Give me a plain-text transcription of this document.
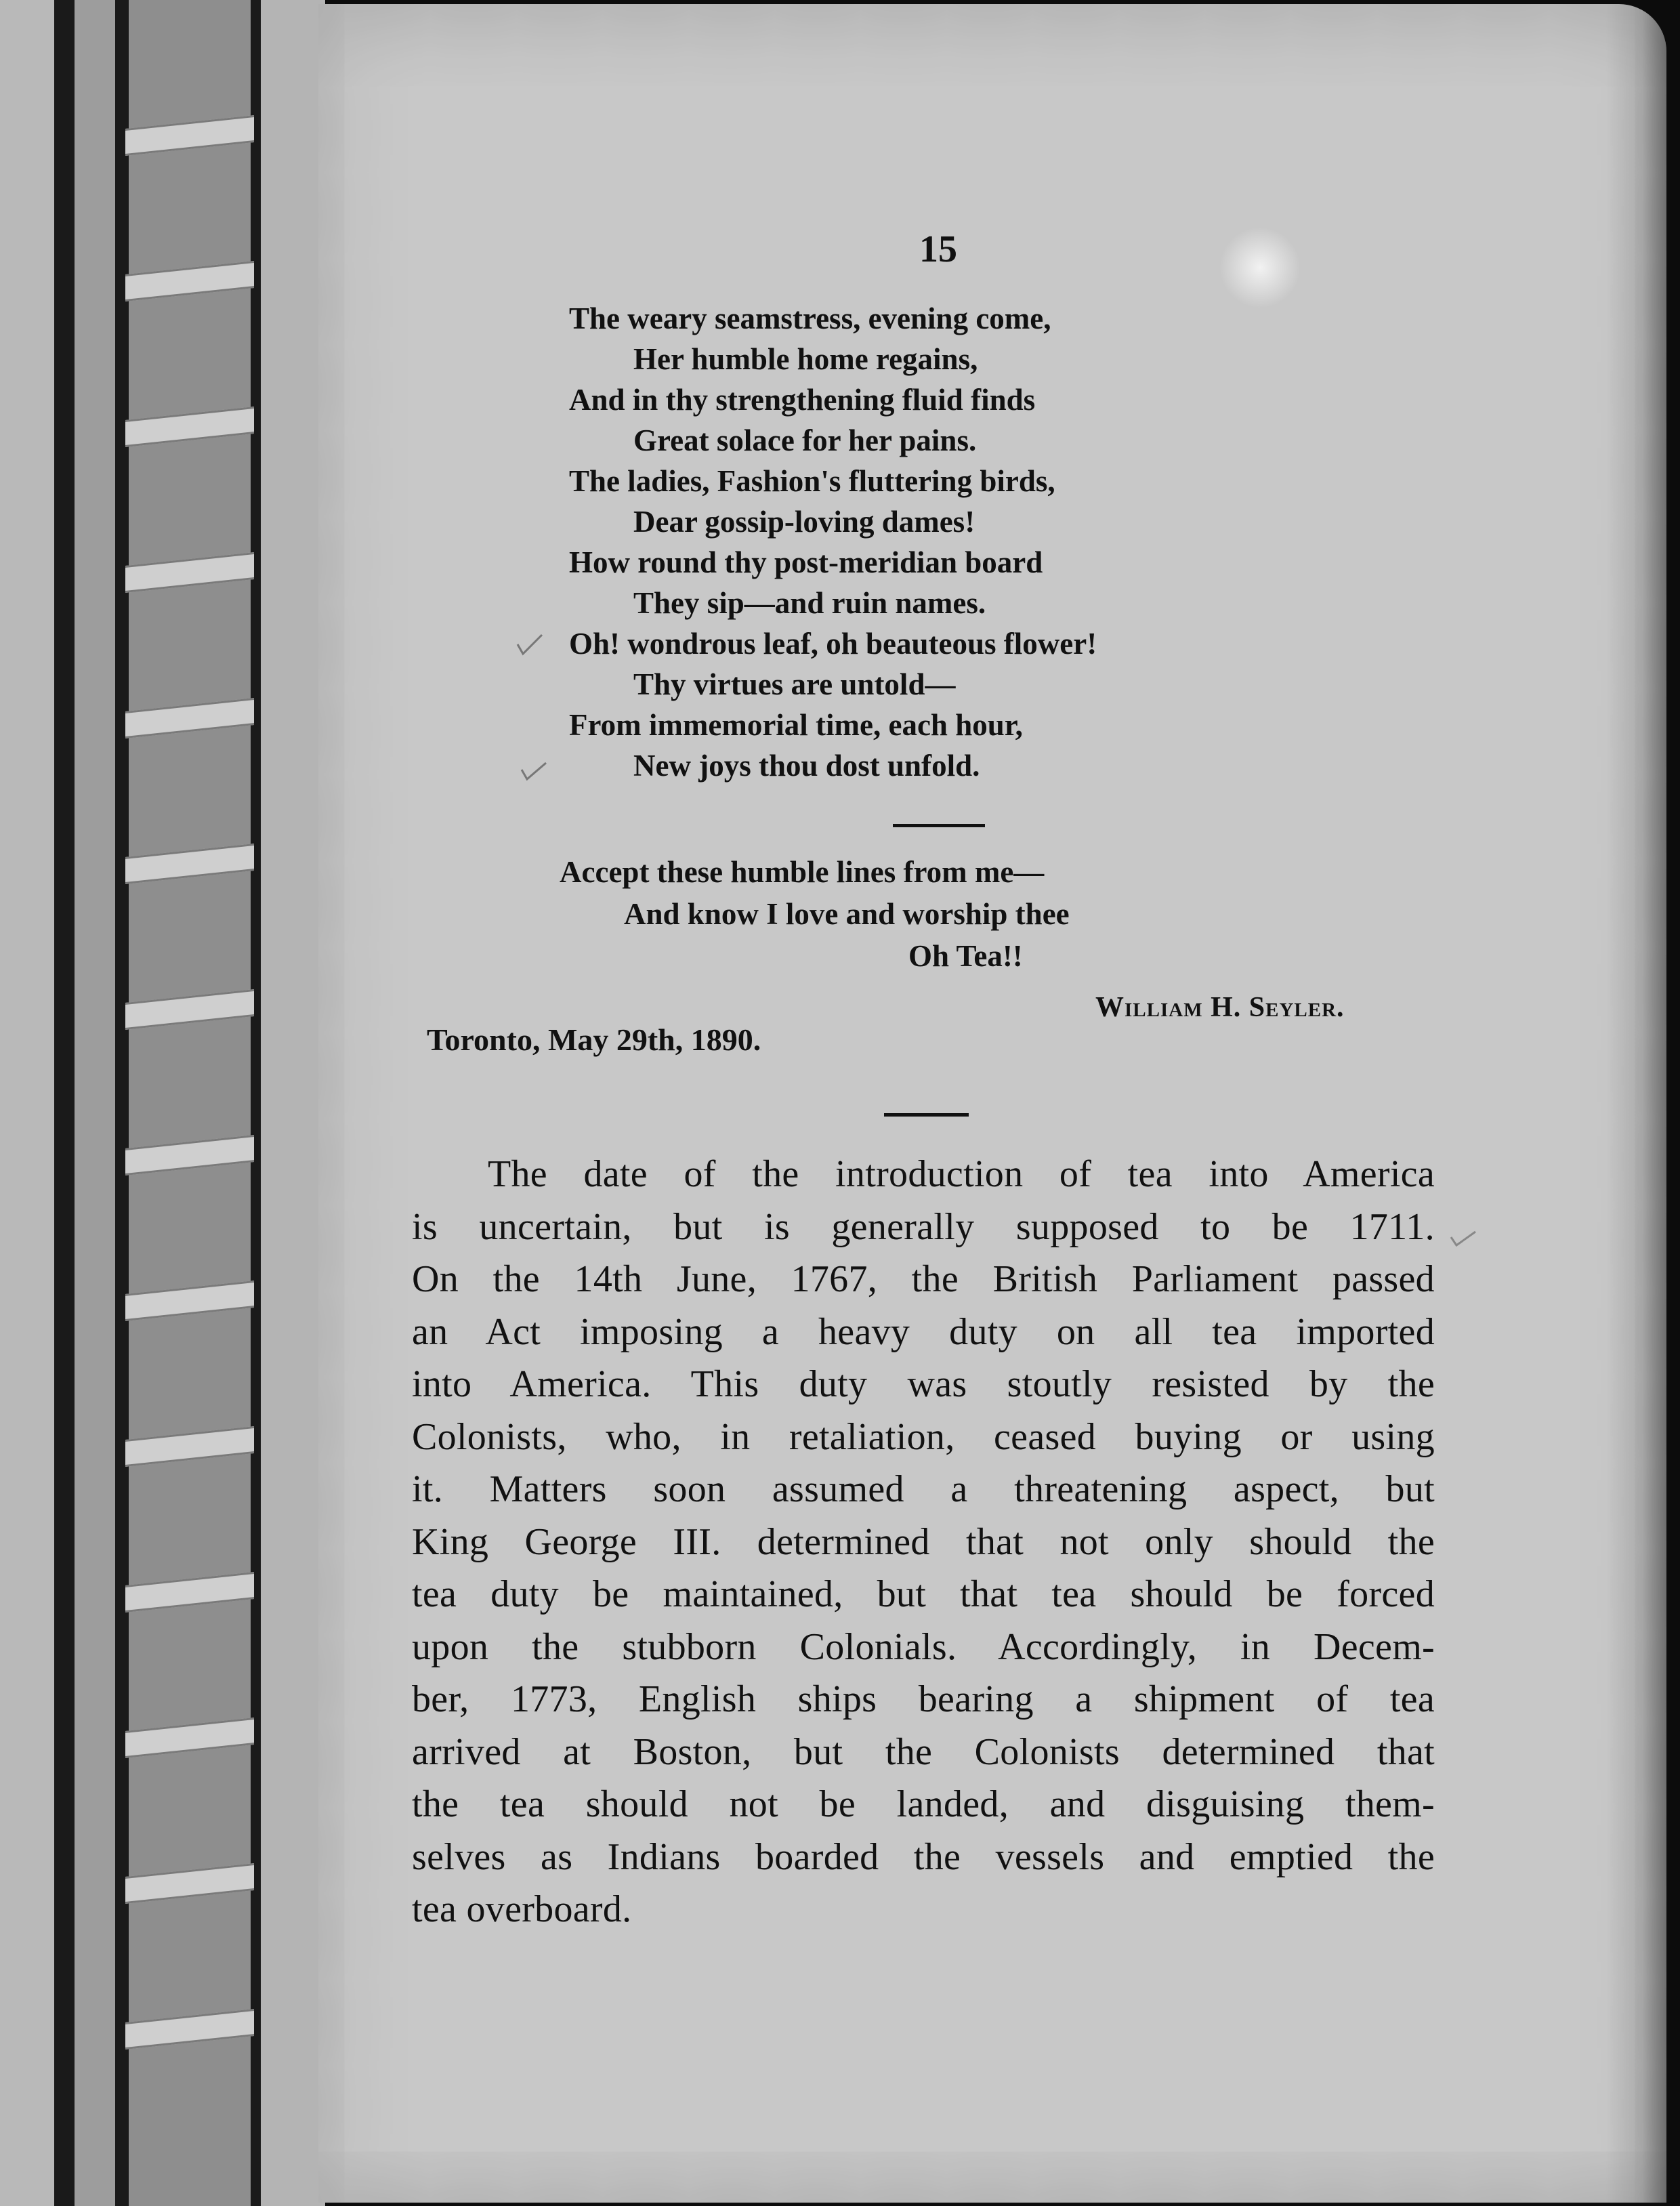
15
The weary seamstress, evening come,
Her humble home regains,
And in thy strengthening fluid finds
Great solace for her pains.
The ladies, Fashion's fluttering birds,
Dear gossip-loving dames!
How round thy post-meridian board
They sip—and ruin names.
Oh! wondrous leaf, oh beauteous flower!
Thy virtues are untold—
From immemorial time, each hour,
New joys thou dost unfold.
Accept these humble lines from me—
And know I love and worship thee
Oh Tea!!
William H. Seyler.
Toronto, May 29th, 1890.
The date of the introduction of tea into America
is uncertain, but is generally supposed to be 1711.
On the 14th June, 1767, the British Parliament passed
an Act imposing a heavy duty on all tea imported
into America. This duty was stoutly resisted by the
Colonists, who, in retaliation, ceased buying or using
it. Matters soon assumed a threatening aspect, but
King George III. determined that not only should the
tea duty be maintained, but that tea should be forced
upon the stubborn Colonials. Accordingly, in Decem-
ber, 1773, English ships bearing a shipment of tea
arrived at Boston, but the Colonists determined that
the tea should not be landed, and disguising them-
selves as Indians boarded the vessels and emptied the
tea overboard.
